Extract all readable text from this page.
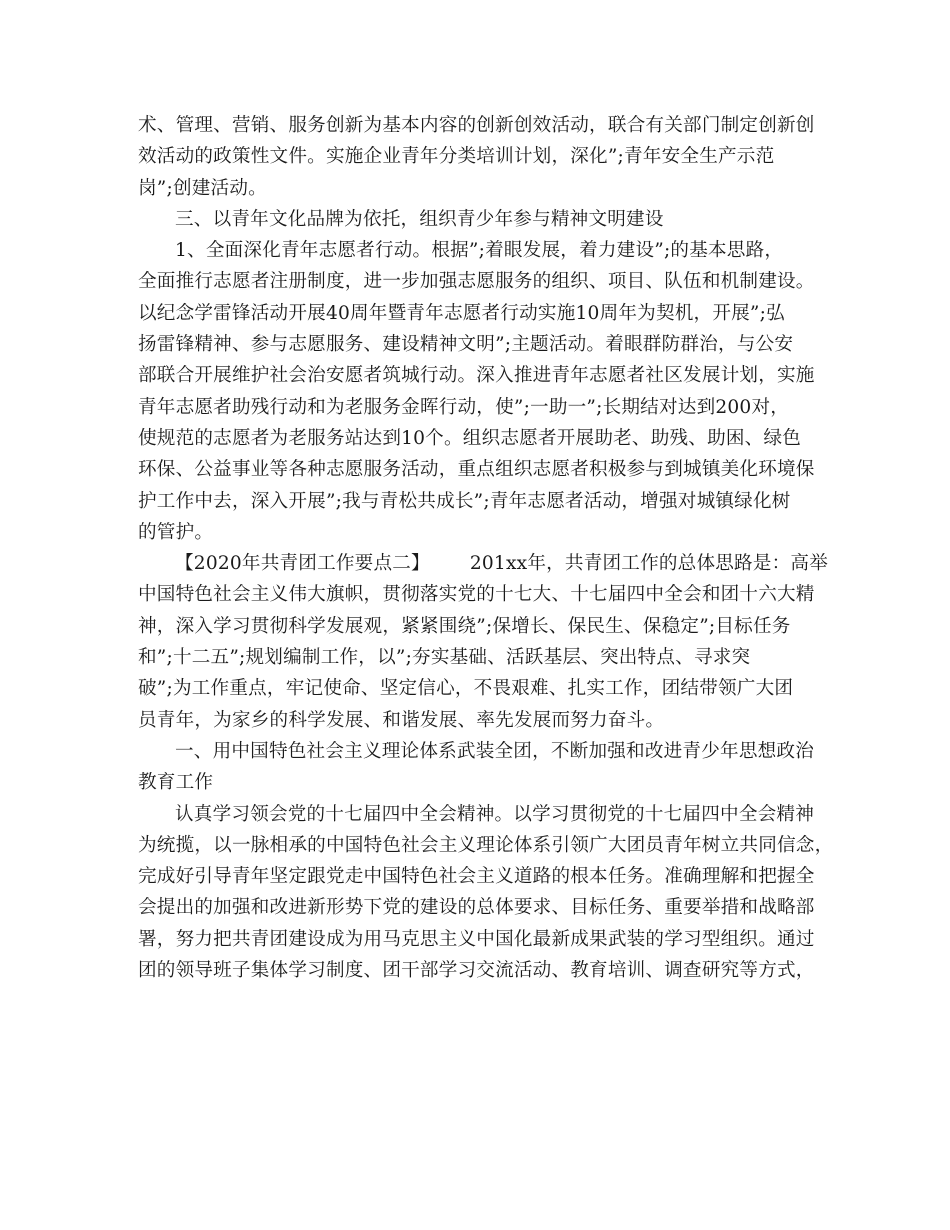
术、管理、营销、服务创新为基本内容的创新创效活动，联合有关部门制定创新创
效活动的政策性文件。实施企业青年分类培训计划，深化”;青年安全生产示范
岗”;创建活动。
三、以青年文化品牌为依托，组织青少年参与精神文明建设
1、全面深化青年志愿者行动。根据”;着眼发展，着力建设”;的基本思路，
全面推行志愿者注册制度，进一步加强志愿服务的组织、项目、队伍和机制建设。
以纪念学雷锋活动开展40周年暨青年志愿者行动实施10周年为契机，开展”;弘
扬雷锋精神、参与志愿服务、建设精神文明”;主题活动。着眼群防群治，与公安
部联合开展维护社会治安愿者筑城行动。深入推进青年志愿者社区发展计划，实施
青年志愿者助残行动和为老服务金晖行动，使”;一助一”;长期结对达到200对，
使规范的志愿者为老服务站达到10个。组织志愿者开展助老、助残、助困、绿色
环保、公益事业等各种志愿服务活动，重点组织志愿者积极参与到城镇美化环境保
护工作中去，深入开展”;我与青松共成长”;青年志愿者活动，增强对城镇绿化树
的管护。
【2020年共青团工作要点二】 201xx年，共青团工作的总体思路是：高举
中国特色社会主义伟大旗帜，贯彻落实党的十七大、十七届四中全会和团十六大精
神，深入学习贯彻科学发展观，紧紧围绕”;保增长、保民生、保稳定”;目标任务
和”;十二五”;规划编制工作，以”;夯实基础、活跃基层、突出特点、寻求突
破”;为工作重点，牢记使命、坚定信心，不畏艰难、扎实工作，团结带领广大团
员青年，为家乡的科学发展、和谐发展、率先发展而努力奋斗。
一、用中国特色社会主义理论体系武装全团，不断加强和改进青少年思想政治
教育工作
认真学习领会党的十七届四中全会精神。以学习贯彻党的十七届四中全会精神
为统揽，以一脉相承的中国特色社会主义理论体系引领广大团员青年树立共同信念，
完成好引导青年坚定跟党走中国特色社会主义道路的根本任务。准确理解和把握全
会提出的加强和改进新形势下党的建设的总体要求、目标任务、重要举措和战略部
署，努力把共青团建设成为用马克思主义中国化最新成果武装的学习型组织。通过
团的领导班子集体学习制度、团干部学习交流活动、教育培训、调查研究等方式，
